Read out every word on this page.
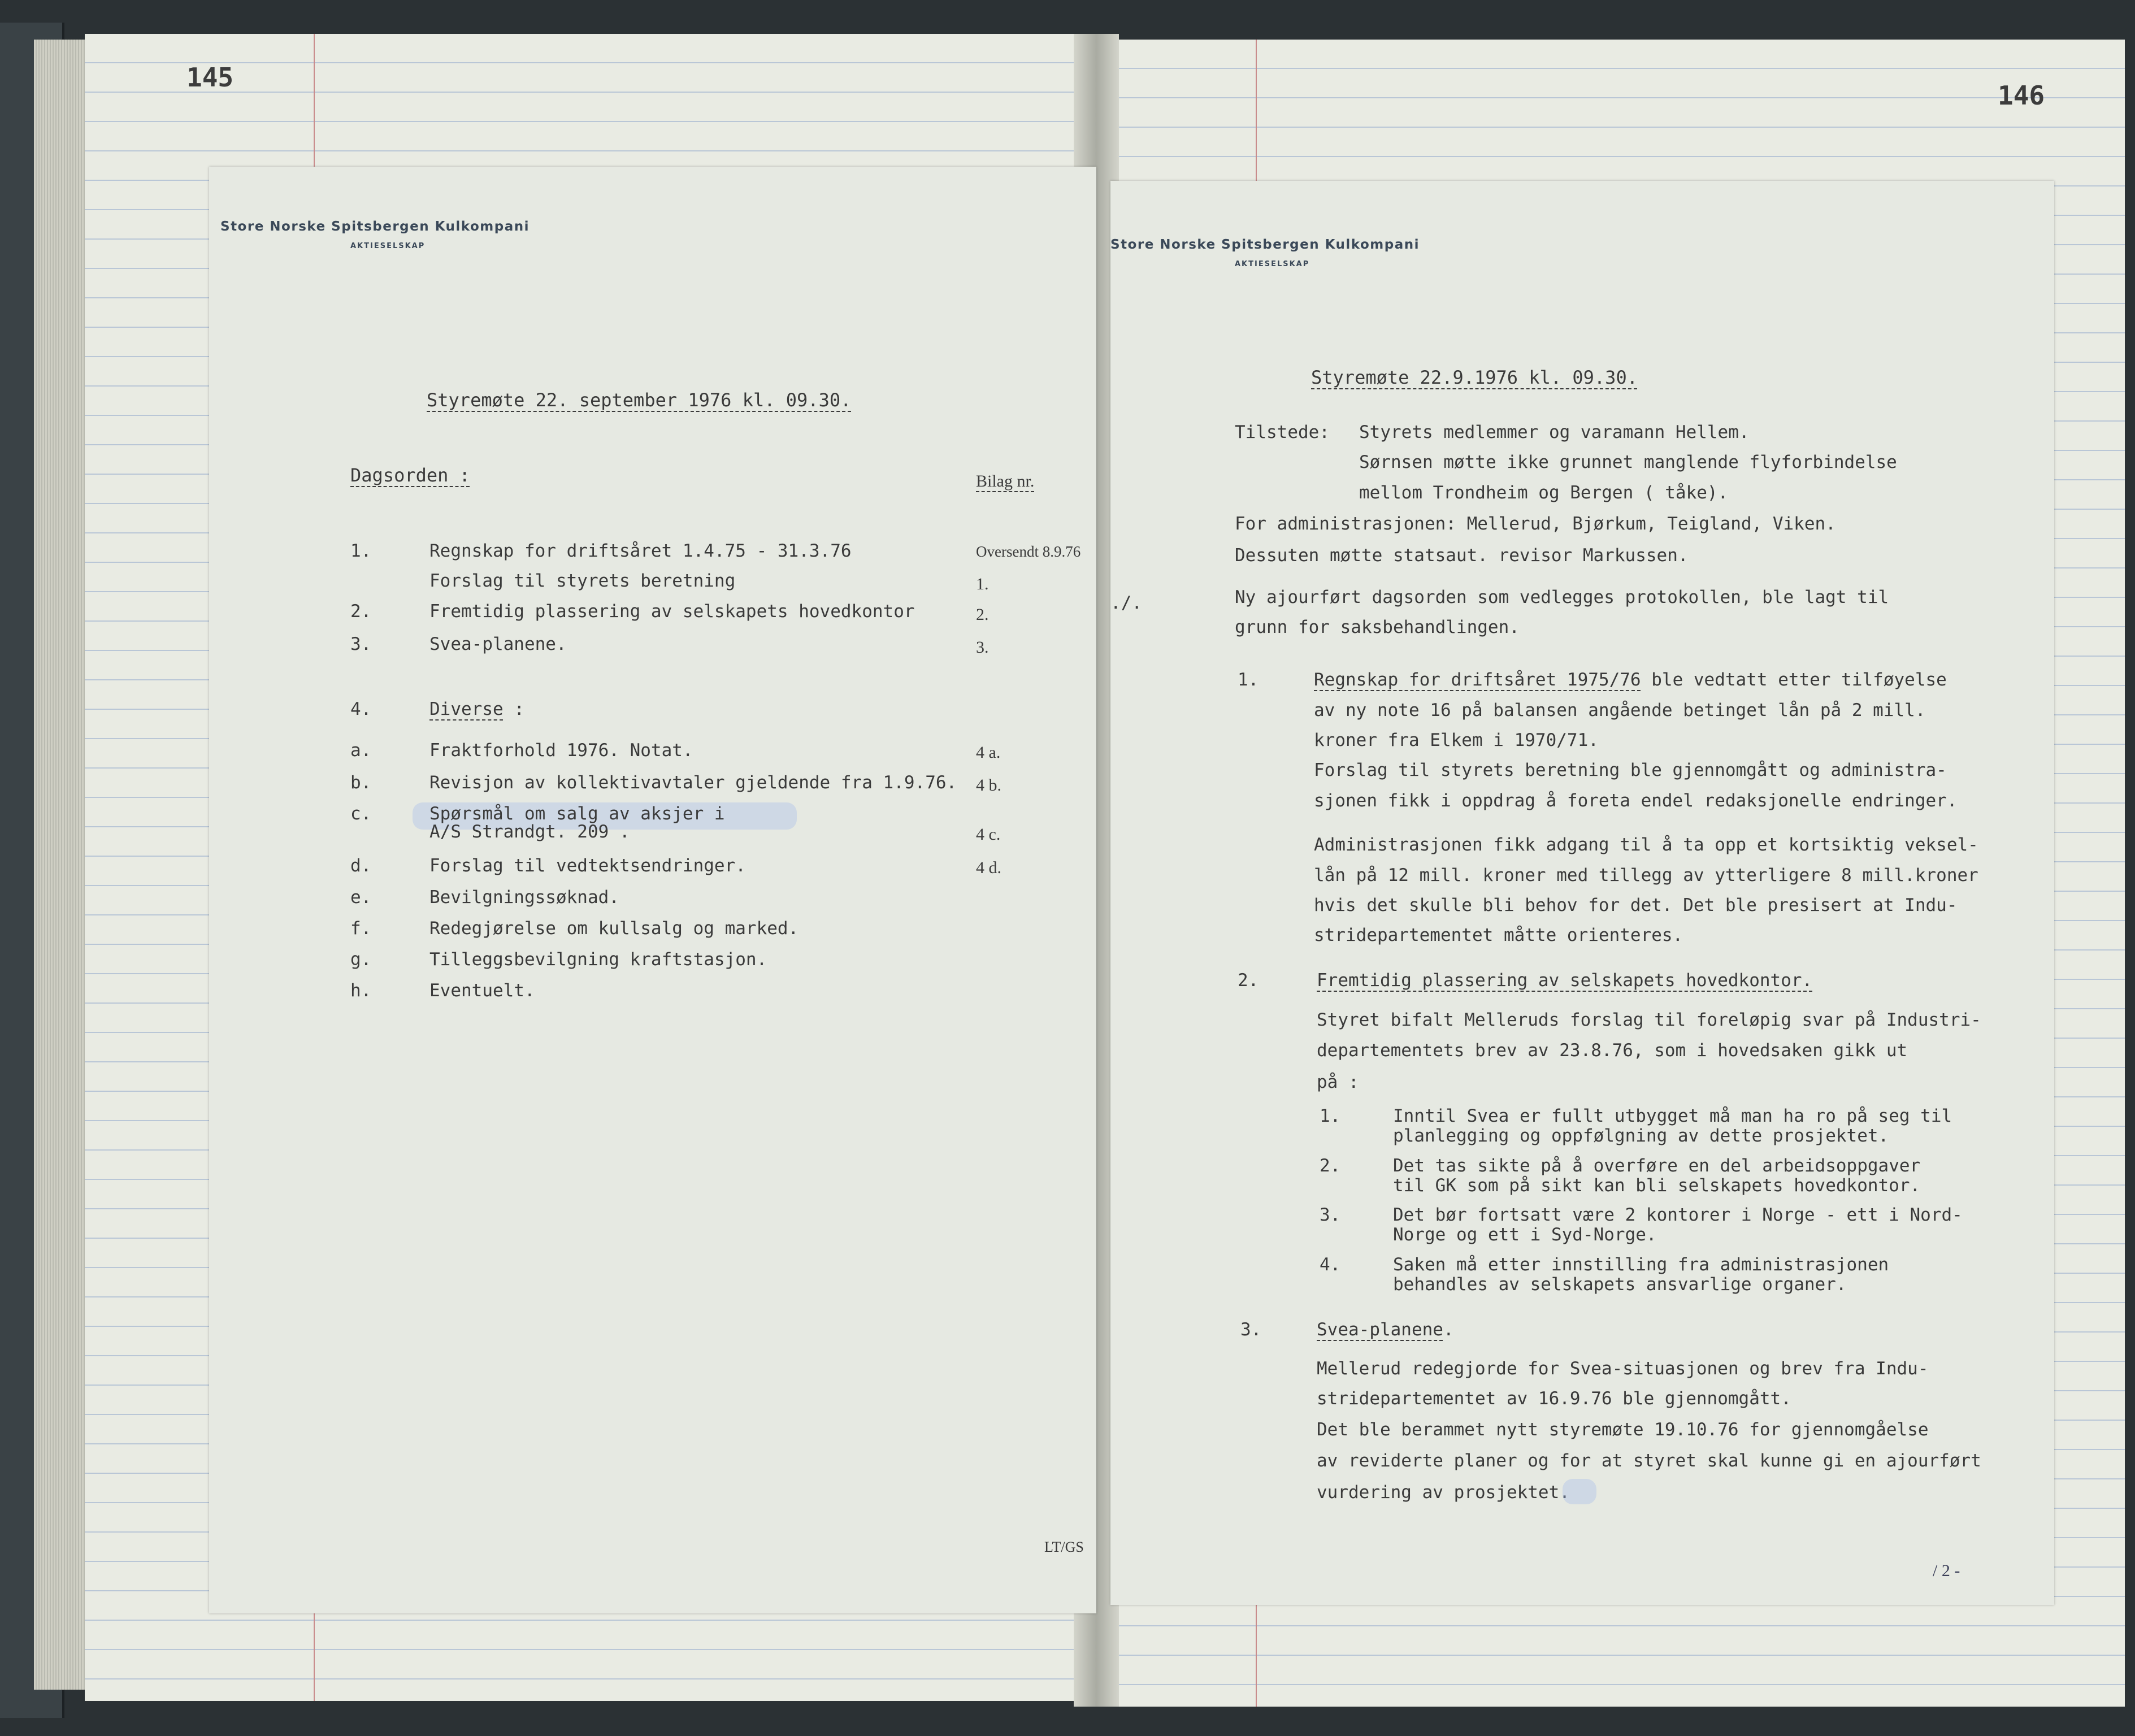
145
146
Store Norske Spitsbergen Kulkompani
AKTIESELSKAP
Styremøte 22. september 1976 kl. 09.30.
Dagsorden :	Bilag nr.
1.	Regnskap for driftsåret 1.4.75 - 31.3.76	Oversendt 8.9.76
Forslag til styrets beretning	1.
2.	Fremtidig plassering av selskapets hovedkontor	2.
3.	Svea-planene.	3.
4.	Diverse :
a.	Fraktforhold 1976. Notat.	4 a.
b.	Revisjon av kollektivavtaler gjeldende fra 1.9.76. 4 b.
c.	Spørsmål om salg av aksjer i
A/S Strandgt. 209 .	4 c.
d.	Forslag til vedtektsendringer.	4 d.
e.	Bevilgningssøknad.
f.	Redegjørelse om kullsalg og marked.
g.	Tilleggsbevilgning kraftstasjon.
h.	Eventuelt.
LT/GS
Store Norske Spitsbergen Kulkompani
AKTIESELSKAP
Styremøte 22.9.1976 kl. 09.30.
Tilstede: Styrets medlemmer og varamann Hellem.
Sørnsen møtte ikke grunnet manglende flyforbindelse
mellom Trondheim og Bergen ( tåke).
For administrasjonen: Mellerud, Bjørkum, Teigland, Viken.
Dessuten møtte statsaut. revisor Markussen.
./.	Ny ajourført dagsorden som vedlegges protokollen, ble lagt til
grunn for saksbehandlingen.
1.	Regnskap for driftsåret 1975/76 ble vedtatt etter tilføyelse
av ny note 16 på balansen angående betinget lån på 2 mill.
kroner fra Elkem i 1970/71.
Forslag til styrets beretning ble gjennomgått og administra-
sjonen fikk i oppdrag å foreta endel redaksjonelle endringer.
Administrasjonen fikk adgang til å ta opp et kortsiktig veksel-
lån på 12 mill. kroner med tillegg av ytterligere 8 mill.kroner
hvis det skulle bli behov for det. Det ble presisert at Indu-
stridepartementet måtte orienteres.
2.	Fremtidig plassering av selskapets hovedkontor.
Styret bifalt Melleruds forslag til foreløpig svar på Industri-
departementets brev av 23.8.76, som i hovedsaken gikk ut
på :
1.	Inntil Svea er fullt utbygget må man ha ro på seg til
planlegging og oppfølgning av dette prosjektet.
2.	Det tas sikte på å overføre en del arbeidsoppgaver
til GK som på sikt kan bli selskapets hovedkontor.
3.	Det bør fortsatt være 2 kontorer i Norge - ett i Nord-
Norge og ett i Syd-Norge.
4.	Saken må etter innstilling fra administrasjonen
behandles av selskapets ansvarlige organer.
3.	Svea-planene.
Mellerud redegjorde for Svea-situasjonen og brev fra Indu-
stridepartementet av 16.9.76 ble gjennomgått.
Det ble berammet nytt styremøte 19.10.76 for gjennomgåelse
av reviderte planer og for at styret skal kunne gi en ajourført
vurdering av prosjektet.
/ 2 -
